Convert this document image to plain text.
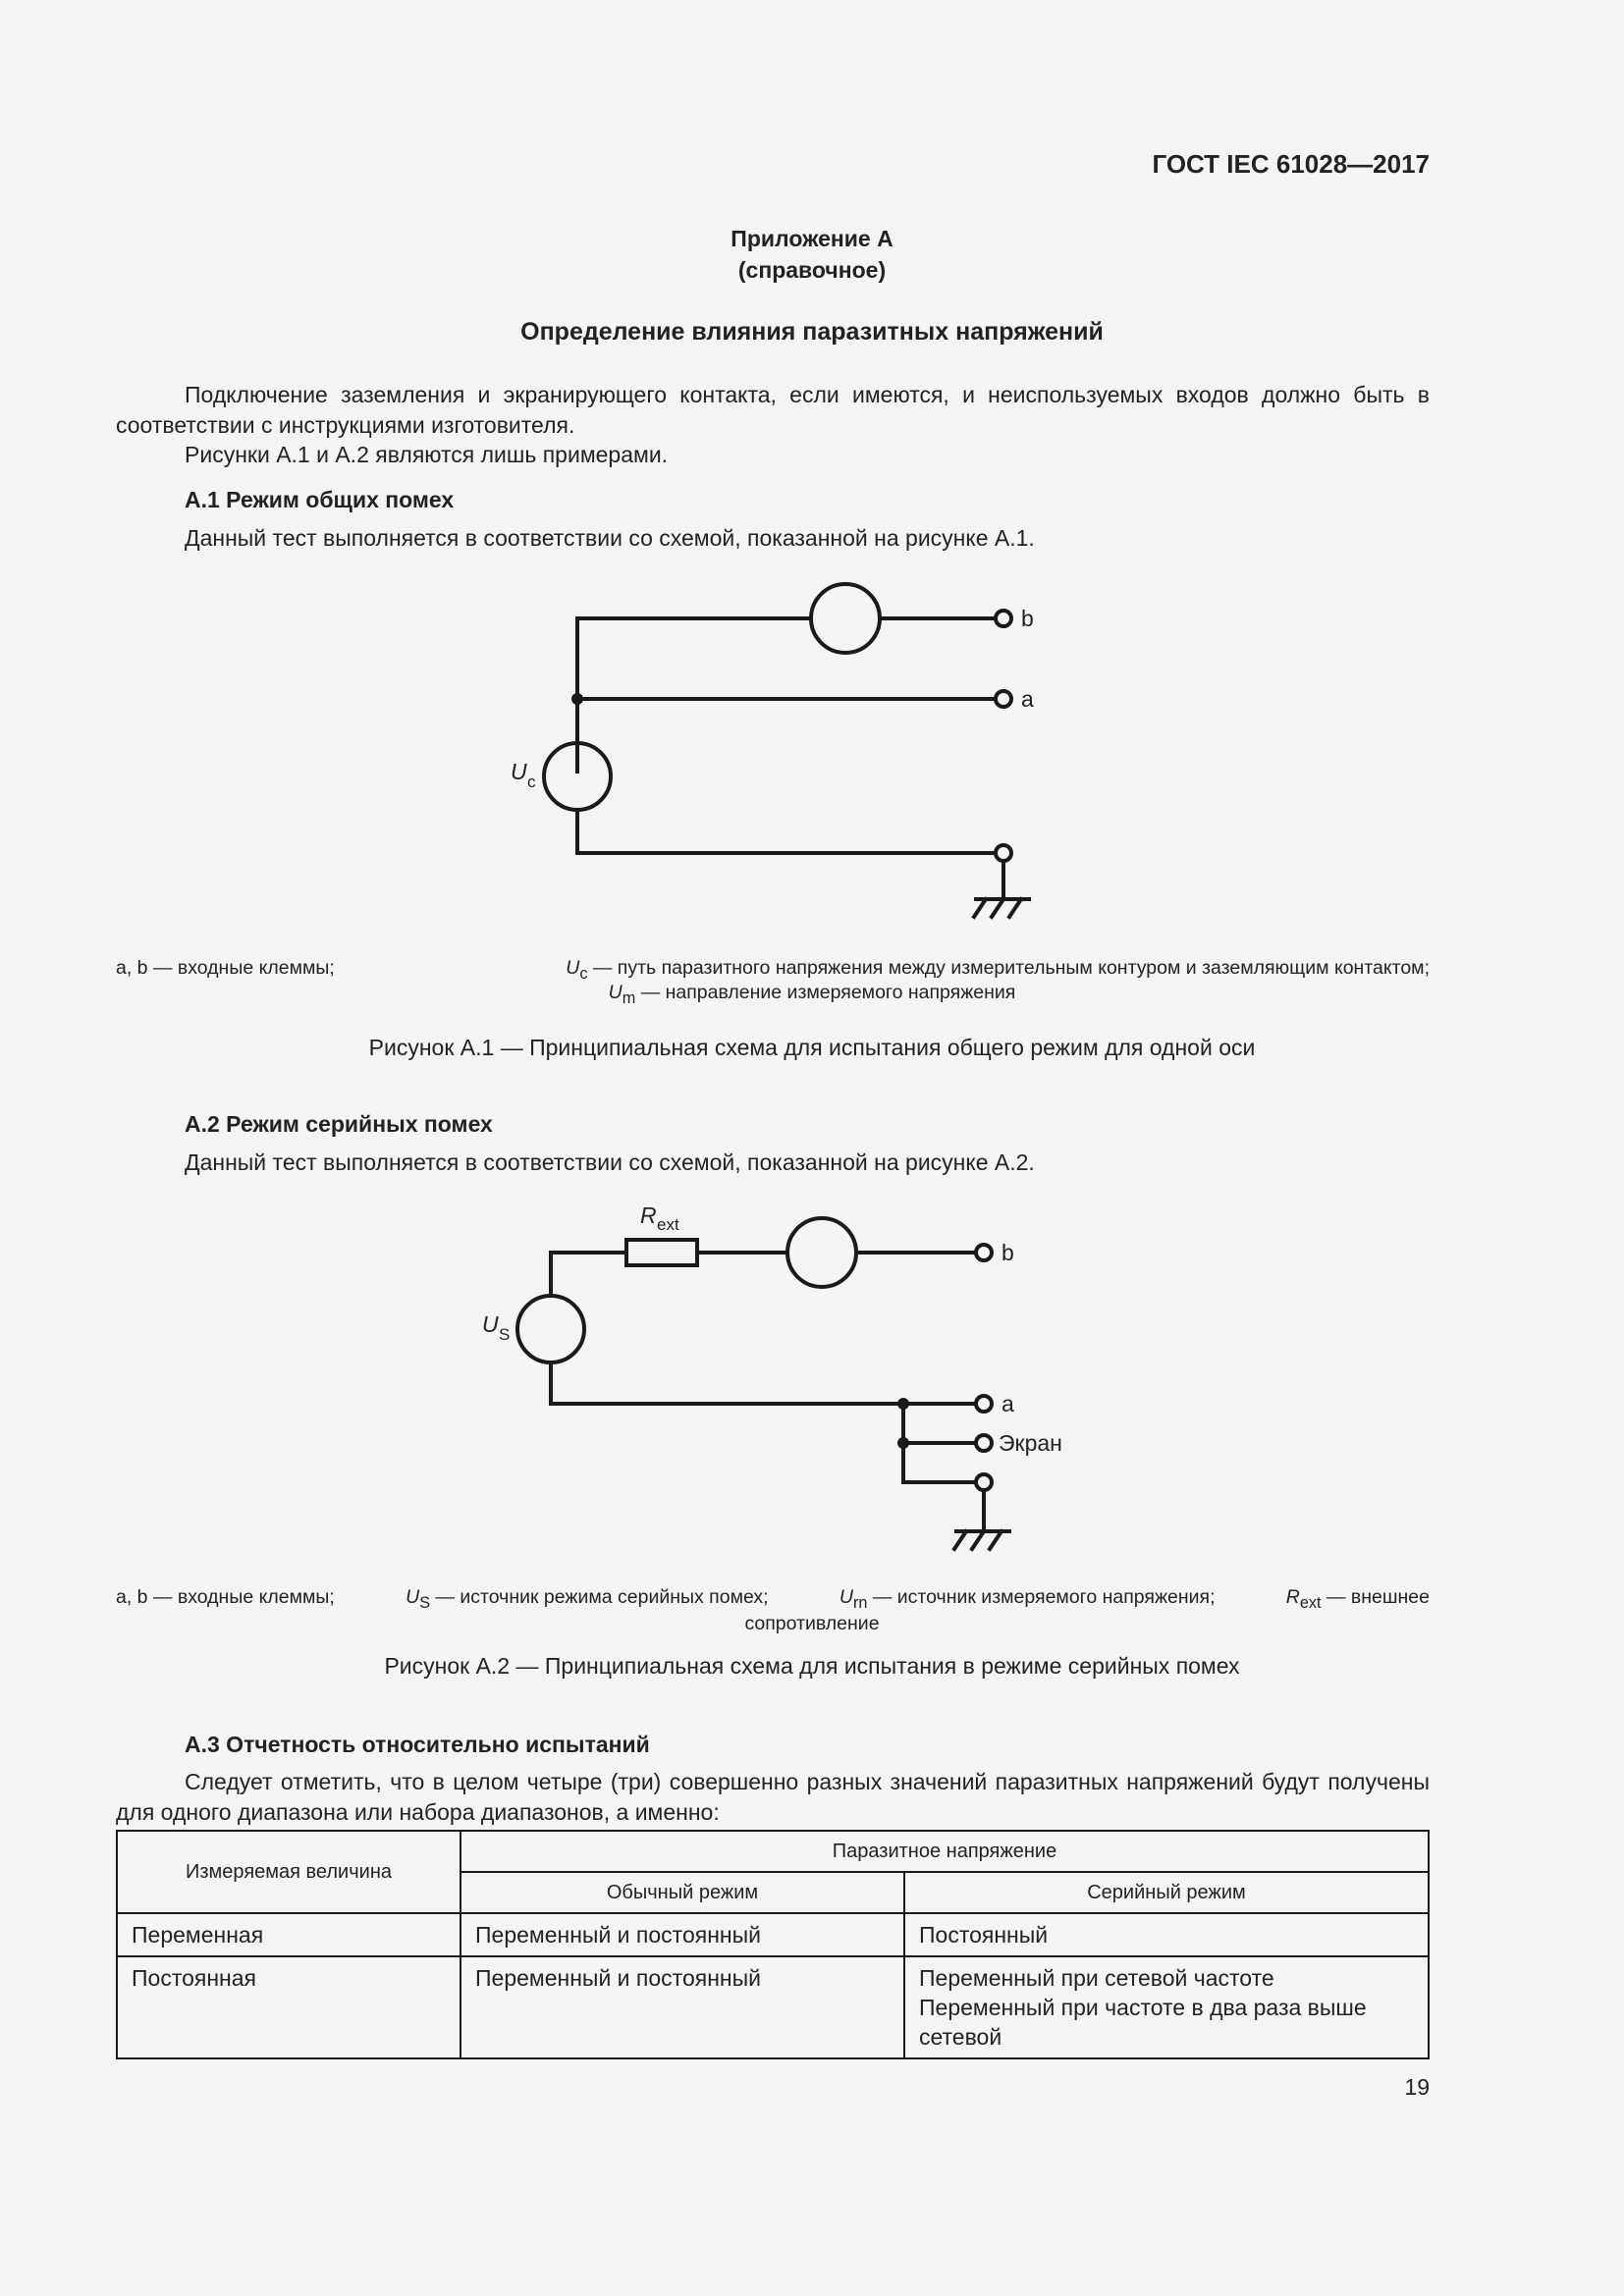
ГОСТ IEC 61028—2017
Приложение А
(справочное)
Определение влияния паразитных напряжений
Подключение заземления и экранирующего контакта, если имеются, и неиспользуемых входов должно быть в соответствии с инструкциями изготовителя.
Рисунки А.1 и А.2 являются лишь примерами.
А.1 Режим общих помех
Данный тест выполняется в соответствии со схемой, показанной на рисунке А.1.
b
a
U c
a, b — входные клеммы;	$U_c$ — путь паразитного напряжения между измерительным контуром и заземляющим контактом;
$U_m$ — направление измеряемого напряжения
Рисунок А.1 — Принципиальная схема для испытания общего режим для одной оси
А.2 Режим серийных помех
Данный тест выполняется в соответствии со схемой, показанной на рисунке А.2.
R ext
b
U S
a
Экран
a, b — входные клеммы;	$U_S$ — источник режима серийных помех;	$U_{rn}$ — источник измеряемого напряжения;	$R_{ext}$ — внешнее
сопротивление
Рисунок А.2 — Принципиальная схема для испытания в режиме серийных помех
А.3 Отчетность относительно испытаний
Следует отметить, что в целом четыре (три) совершенно разных значений паразитных напряжений будут получены для одного диапазона или набора диапазонов, а именно:
Измеряемая величина	Паразитное напряжение	
	Обычный режим	Серийный режим
Переменная	Переменный и постоянный	Постоянный

Постоянная	Переменный и постоянный	Переменный при сетевой частоте
Переменный при частоте в два раза выше сетевой
19
